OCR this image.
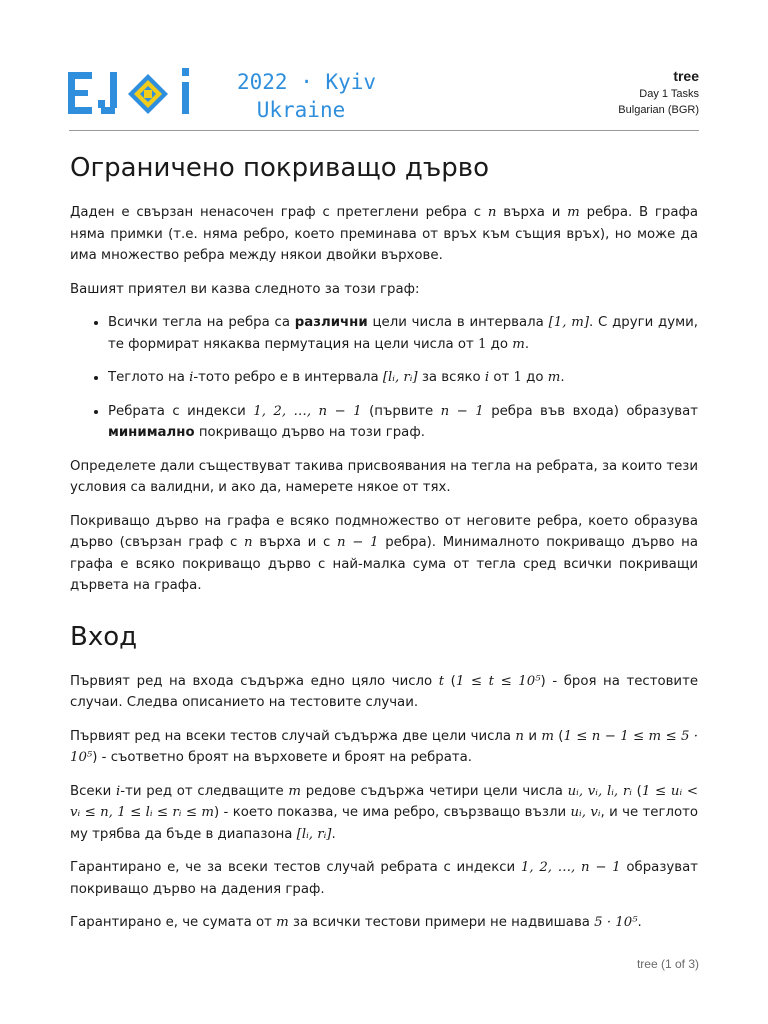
EJOI
2022 · Kyiv
Ukraine
tree
Day 1 Tasks
Bulgarian (BGR)
Ограничено покриващо дърво

Даден е свързан ненасочен граф с претеглени ребра с n върха и m ребра. В графа няма примки (т.е. няма ребро, което преминава от връх към същия връх), но може да има множество ребра между някои двойки върхове.

Вашият приятел ви казва следното за този граф:

• Всички тегла на ребра са различни цели числа в интервала [1, m]. С други думи, те формират някаква пермутация на цели числа от 1 до m.
• Теглото на i-тото ребро е в интервала [lᵢ, rᵢ] за всяко i от 1 до m.
• Ребрата с индекси 1, 2, …, n − 1 (първите n − 1 ребра във входа) образуват минимално покриващо дърво на този граф.

Определете дали съществуват такива присвоявания на тегла на ребрата, за които тези условия са валидни, и ако да, намерете някое от тях.

Покриващо дърво на графа е всяко подмножество от неговите ребра, което образува дърво (свързан граф с n върха и с n − 1 ребра). Минималното покриващо дърво на графа е всяко покриващо дърво с най-малка сума от тегла сред всички покриващи дървета на графа.

Вход

Първият ред на входа съдържа едно цяло число t (1 ≤ t ≤ 10⁵) - броя на тестовите случаи. Следва описанието на тестовите случаи.

Първият ред на всеки тестов случай съдържа две цели числа n и m (1 ≤ n − 1 ≤ m ≤ 5 · 10⁵) - съответно броят на върховете и броят на ребрата.

Всеки i-ти ред от следващите m редове съдържа четири цели числа uᵢ, vᵢ, lᵢ, rᵢ (1 ≤ uᵢ < vᵢ ≤ n, 1 ≤ lᵢ ≤ rᵢ ≤ m) - което показва, че има ребро, свързващо възли uᵢ, vᵢ, и че теглото му трябва да бъде в диапазона [lᵢ, rᵢ].

Гарантирано е, че за всеки тестов случай ребрата с индекси 1, 2, …, n − 1 образуват покриващо дърво на дадения граф.

Гарантирано е, че сумата от m за всички тестови примери не надвишава 5 · 10⁵.

tree (1 of 3)
